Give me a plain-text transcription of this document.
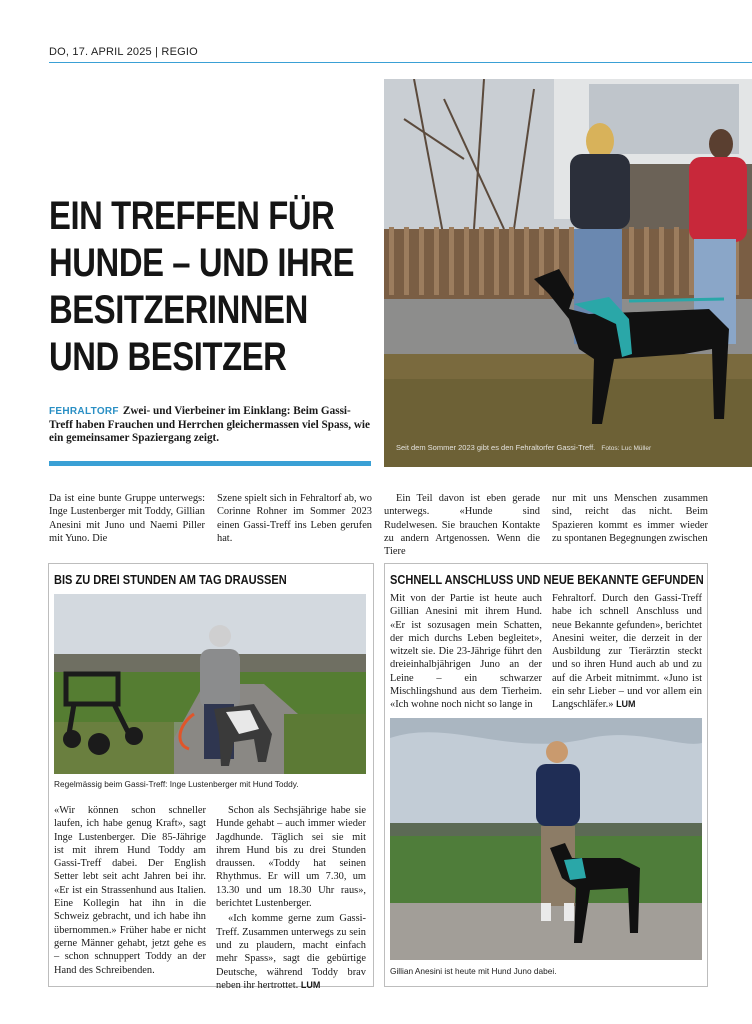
DO, 17. APRIL 2025 | REGIO
EIN TREFFEN FÜR
HUNDE – UND IHRE
BESITZERINNEN
UND BESITZER
FEHRALTORF Zwei- und Vierbeiner im Einklang: Beim Gassi-Treff haben Frauchen und Herrchen gleichermassen viel Spass, wie ein gemeinsamer Spaziergang zeigt.
Seit dem Sommer 2023 gibt es den Fehraltorfer Gassi-Treff. Fotos: Luc Müller
Da ist eine bunte Gruppe unterwegs: Inge Lustenberger mit Toddy, Gillian Anesini mit Juno und Naemi Piller mit Yuno. Die
Szene spielt sich in Fehraltorf ab, wo Corinne Rohner im Sommer 2023 einen Gassi-Treff ins Leben gerufen hat.
Ein Teil davon ist eben gerade unterwegs. «Hunde sind Rudelwesen. Sie brauchen Kontakte zu andern Artgenossen. Wenn die Tiere
nur mit uns Menschen zusammen sind, reicht das nicht. Beim Spazieren kommt es immer wieder zu spontanen Begegnungen zwischen
BIS ZU DREI STUNDEN AM TAG DRAUSSEN
Regelmässig beim Gassi-Treff: Inge Lustenberger mit Hund Toddy.
«Wir können schon schneller laufen, ich habe genug Kraft», sagt Inge Lustenberger. Die 85-Jährige ist mit ihrem Hund Toddy am Gassi-Treff dabei. Der English Setter lebt seit acht Jahren bei ihr. «Er ist ein Strassenhund aus Italien. Eine Kollegin hat ihn in die Schweiz gebracht, und ich habe ihn übernommen.» Früher habe er nicht gerne Männer gehabt, jetzt gehe es – schon schnuppert Toddy an der Hand des Schreibenden.
Schon als Sechsjährige habe sie Hunde gehabt – auch immer wieder Jagdhunde. Täglich sei sie mit ihrem Hund bis zu drei Stunden draussen. «Toddy hat seinen Rhythmus. Er will um 7.30, um 13.30 und um 18.30 Uhr raus», berichtet Lustenberger.
«Ich komme gerne zum Gassi-Treff. Zusammen unterwegs zu sein und zu plaudern, macht einfach mehr Spass», sagt die gebürtige Deutsche, während Toddy brav neben ihr hertrottet. LUM
SCHNELL ANSCHLUSS UND NEUE BEKANNTE GEFUNDEN
Mit von der Partie ist heute auch Gillian Anesini mit ihrem Hund. «Er ist sozusagen mein Schatten, der mich durchs Leben begleitet», witzelt sie. Die 23-Jährige führt den dreieinhalbjährigen Juno an der Leine – ein schwarzer Mischlingshund aus dem Tierheim. «Ich wohne noch nicht so lange in
Fehraltorf. Durch den Gassi-Treff habe ich schnell Anschluss und neue Bekannte gefunden», berichtet Anesini weiter, die derzeit in der Ausbildung zur Tierärztin steckt und so ihren Hund auch ab und zu auf die Arbeit mitnimmt. «Juno ist ein sehr Lieber – und vor allem ein Langschläfer.» LUM
Gillian Anesini ist heute mit Hund Juno dabei.
